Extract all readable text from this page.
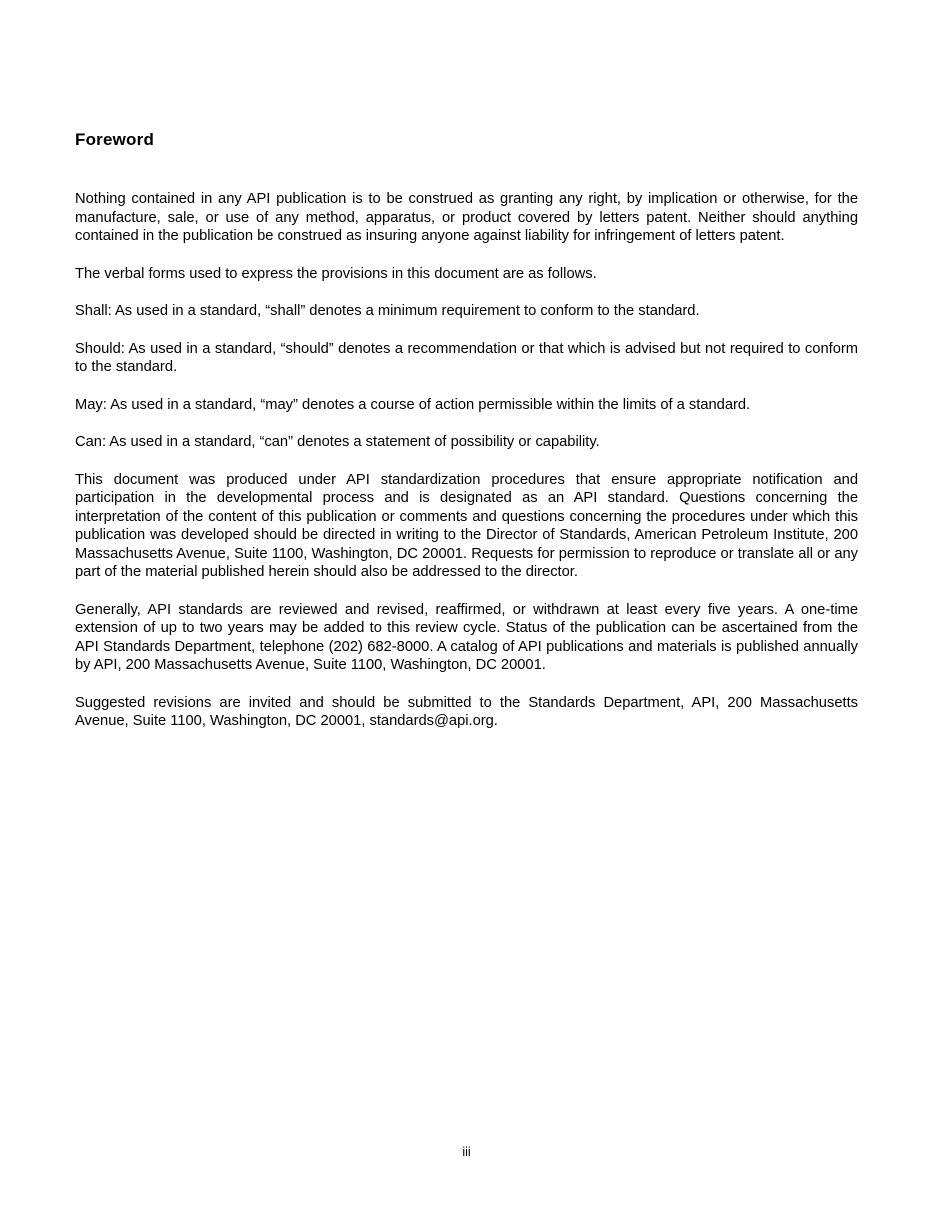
Foreword

Nothing contained in any API publication is to be construed as granting any right, by implication or otherwise, for the manufacture, sale, or use of any method, apparatus, or product covered by letters patent. Neither should anything contained in the publication be construed as insuring anyone against liability for infringement of letters patent.

The verbal forms used to express the provisions in this document are as follows.

Shall: As used in a standard, “shall” denotes a minimum requirement to conform to the standard.

Should: As used in a standard, “should” denotes a recommendation or that which is advised but not required to conform to the standard.

May: As used in a standard, “may” denotes a course of action permissible within the limits of a standard.

Can: As used in a standard, “can” denotes a statement of possibility or capability.

This document was produced under API standardization procedures that ensure appropriate notification and participation in the developmental process and is designated as an API standard. Questions concerning the interpretation of the content of this publication or comments and questions concerning the procedures under which this publication was developed should be directed in writing to the Director of Standards, American Petroleum Institute, 200 Massachusetts Avenue, Suite 1100, Washington, DC 20001. Requests for permission to reproduce or translate all or any part of the material published herein should also be addressed to the director.

Generally, API standards are reviewed and revised, reaffirmed, or withdrawn at least every five years. A one-time extension of up to two years may be added to this review cycle. Status of the publication can be ascertained from the API Standards Department, telephone (202) 682-8000. A catalog of API publications and materials is published annually by API, 200 Massachusetts Avenue, Suite 1100, Washington, DC 20001.

Suggested revisions are invited and should be submitted to the Standards Department, API, 200 Massachusetts Avenue, Suite 1100, Washington, DC 20001, standards@api.org.

iii
